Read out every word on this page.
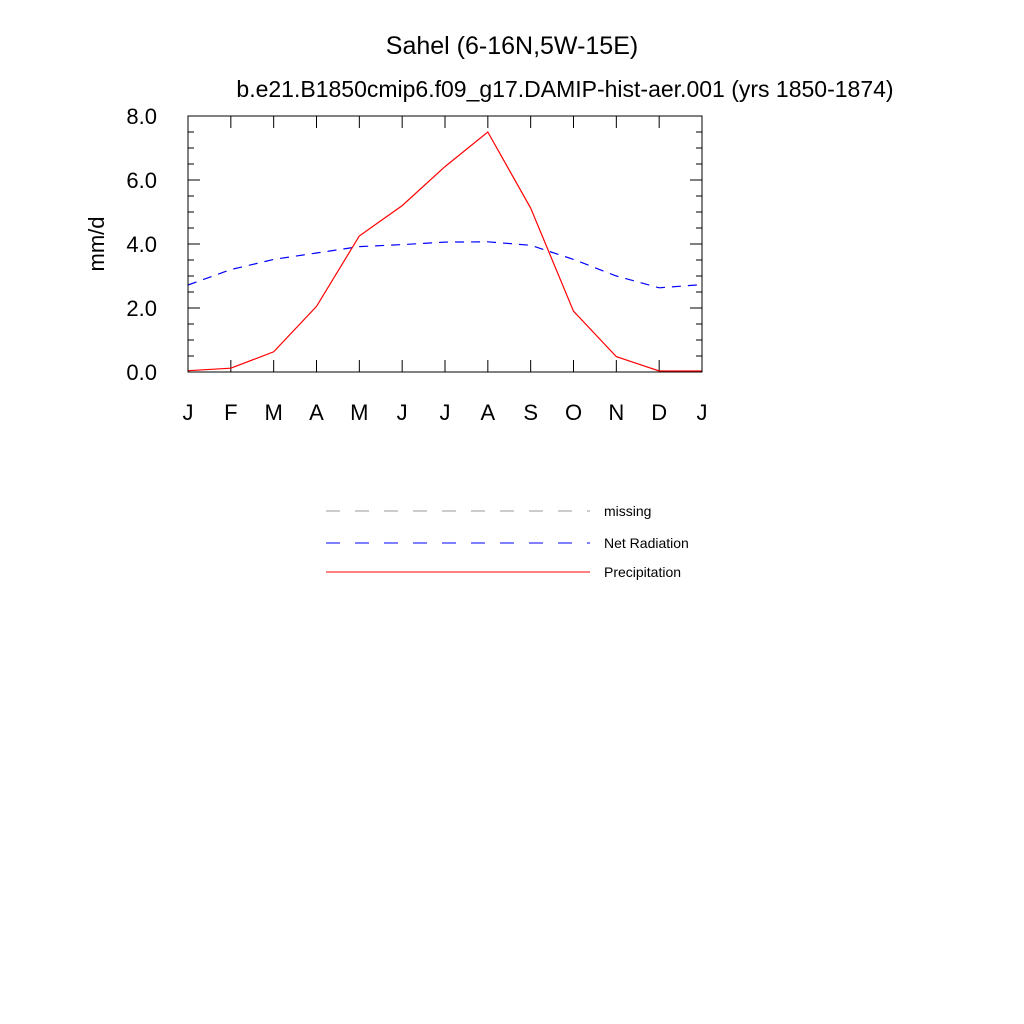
Sahel (6-16N,5W-15E)
b.e21.B1850cmip6.f09_g17.DAMIP-hist-aer.001 (yrs 1850-1874)
mm/d
J F M A M J J A S O N D J
0.0
2.0
4.0
6.0
8.0
missing
Net Radiation
Precipitation
